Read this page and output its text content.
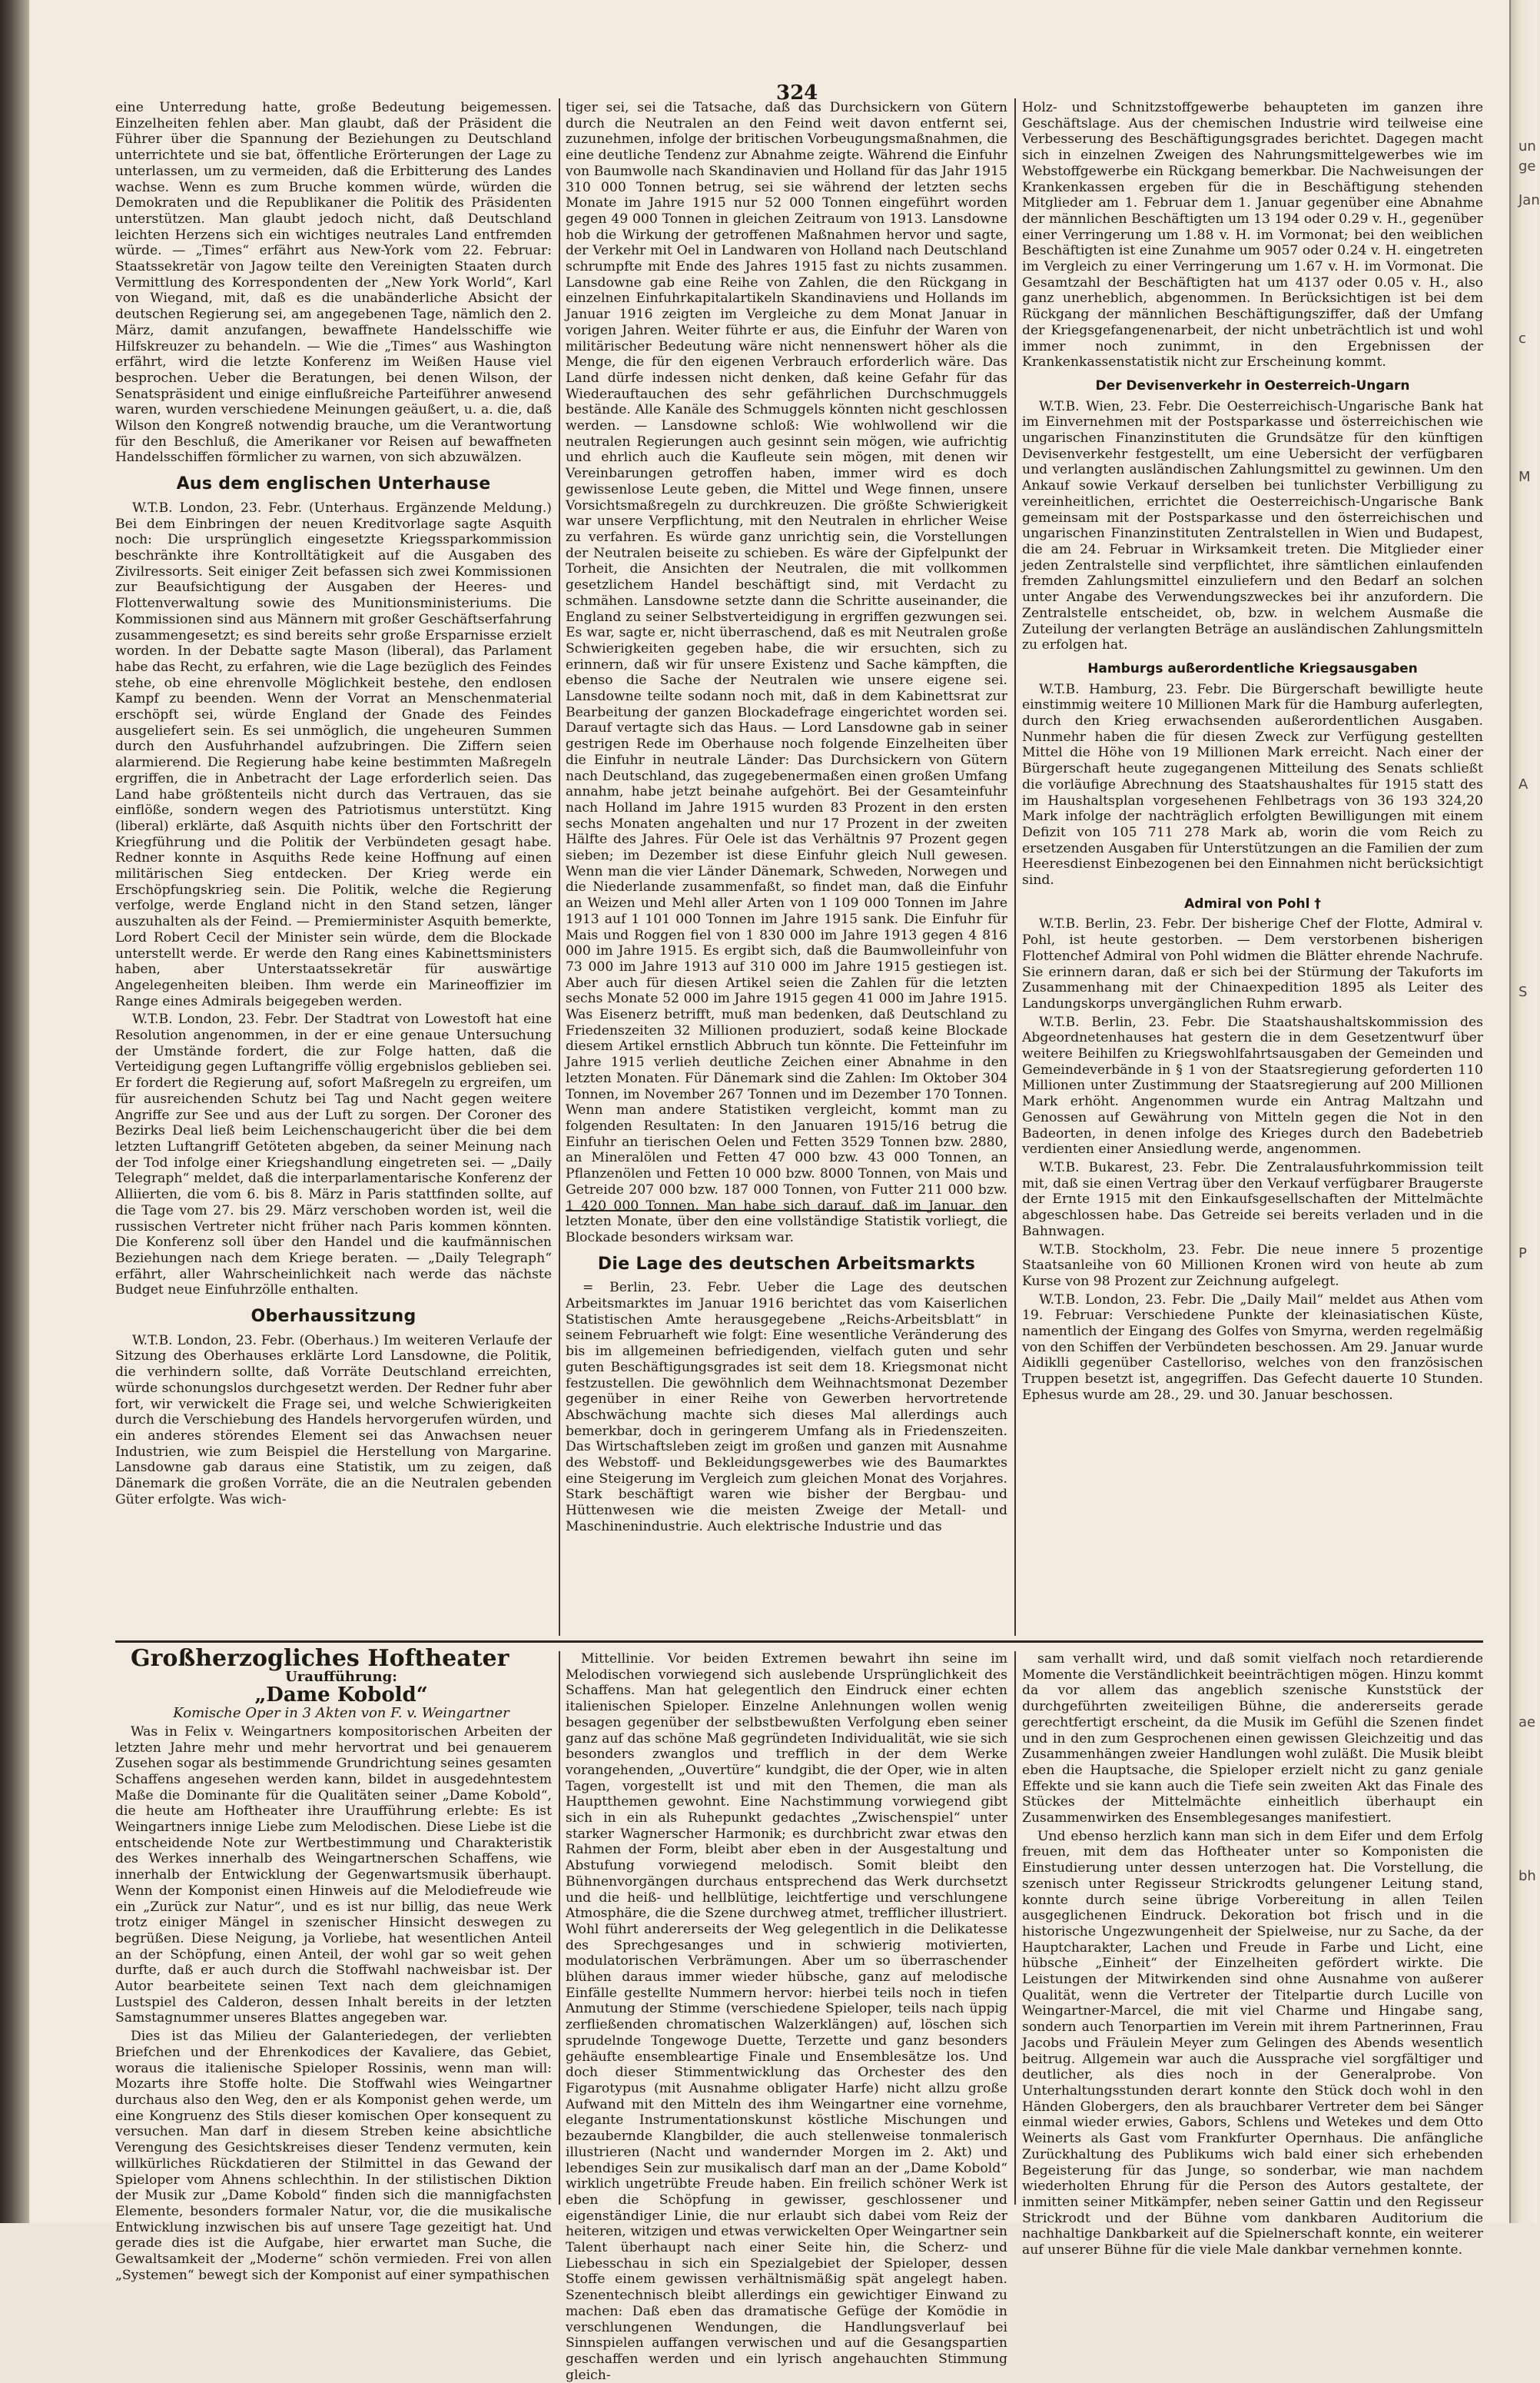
un
ge
Jan
c
M
A
S
P
ae
bh
324

eine Unterredung hatte, große Bedeutung beigemessen. Einzelheiten fehlen aber. Man glaubt, daß der Präsident die Führer über die Spannung der Beziehungen zu Deutschland unterrichtete und sie bat, öffentliche Erörterungen der Lage zu unterlassen, um zu vermeiden, daß die Erbitterung des Landes wachse. Wenn es zum Bruche kommen würde, würden die Demokraten und die Republikaner die Politik des Präsidenten unterstützen. Man glaubt jedoch nicht, daß Deutschland leichten Herzens sich ein wichtiges neutrales Land entfremden würde. — „Times“ erfährt aus New-York vom 22. Februar: Staatssekretär von Jagow teilte den Vereinigten Staaten durch Vermittlung des Korrespondenten der „New York World“, Karl von Wiegand, mit, daß es die unabänderliche Absicht der deutschen Regierung sei, am angegebenen Tage, nämlich den 2. März, damit anzufangen, bewaffnete Handelsschiffe wie Hilfskreuzer zu behandeln. — Wie die „Times“ aus Washington erfährt, wird die letzte Konferenz im Weißen Hause viel besprochen. Ueber die Beratungen, bei denen Wilson, der Senatspräsident und einige einflußreiche Parteiführer anwesend waren, wurden verschiedene Meinungen geäußert, u. a. die, daß Wilson den Kongreß notwendig brauche, um die Verantwortung für den Beschluß, die Amerikaner vor Reisen auf bewaffneten Handelsschiffen förmlicher zu warnen, von sich abzuwälzen.

Aus dem englischen Unterhause

W.T.B. London, 23. Febr. (Unterhaus. Ergänzende Meldung.) Bei dem Einbringen der neuen Kreditvorlage sagte Asquith noch: Die ursprünglich eingesetzte Kriegssparkommission beschränkte ihre Kontrolltätigkeit auf die Ausgaben des Zivilressorts. Seit einiger Zeit befassen sich zwei Kommissionen zur Beaufsichtigung der Ausgaben der Heeres- und Flottenverwaltung sowie des Munitionsministeriums. Die Kommissionen sind aus Männern mit großer Geschäftserfahrung zusammengesetzt; es sind bereits sehr große Ersparnisse erzielt worden. In der Debatte sagte Mason (liberal), das Parlament habe das Recht, zu erfahren, wie die Lage bezüglich des Feindes stehe, ob eine ehrenvolle Möglichkeit bestehe, den endlosen Kampf zu beenden. Wenn der Vorrat an Menschenmaterial erschöpft sei, würde England der Gnade des Feindes ausgeliefert sein. Es sei unmöglich, die ungeheuren Summen durch den Ausfuhrhandel aufzubringen. Die Ziffern seien alarmierend. Die Regierung habe keine bestimmten Maßregeln ergriffen, die in Anbetracht der Lage erforderlich seien. Das Land habe größtenteils nicht durch das Vertrauen, das sie einflöße, sondern wegen des Patriotismus unterstützt. King (liberal) erklärte, daß Asquith nichts über den Fortschritt der Kriegführung und die Politik der Verbündeten gesagt habe. Redner konnte in Asquiths Rede keine Hoffnung auf einen militärischen Sieg entdecken. Der Krieg werde ein Erschöpfungskrieg sein. Die Politik, welche die Regierung verfolge, werde England nicht in den Stand setzen, länger auszuhalten als der Feind. — Premierminister Asquith bemerkte, Lord Robert Cecil der Minister sein würde, dem die Blockade unterstellt werde. Er werde den Rang eines Kabinettsministers haben, aber Unterstaatssekretär für auswärtige Angelegenheiten bleiben. Ihm werde ein Marineoffizier im Range eines Admirals beigegeben werden.

W.T.B. London, 23. Febr. Der Stadtrat von Lowestoft hat eine Resolution angenommen, in der er eine genaue Untersuchung der Umstände fordert, die zur Folge hatten, daß die Verteidigung gegen Luftangriffe völlig ergebnislos geblieben sei. Er fordert die Regierung auf, sofort Maßregeln zu ergreifen, um für ausreichenden Schutz bei Tag und Nacht gegen weitere Angriffe zur See und aus der Luft zu sorgen. Der Coroner des Bezirks Deal ließ beim Leichenschaugericht über die bei dem letzten Luftangriff Getöteten abgeben, da seiner Meinung nach der Tod infolge einer Kriegshandlung eingetreten sei. — „Daily Telegraph“ meldet, daß die interparlamentarische Konferenz der Alliierten, die vom 6. bis 8. März in Paris stattfinden sollte, auf die Tage vom 27. bis 29. März verschoben worden ist, weil die russischen Vertreter nicht früher nach Paris kommen könnten. Die Konferenz soll über den Handel und die kaufmännischen Beziehungen nach dem Kriege beraten. — „Daily Telegraph“ erfährt, aller Wahrscheinlichkeit nach werde das nächste Budget neue Einfuhrzölle enthalten.

Oberhaussitzung

W.T.B. London, 23. Febr. (Oberhaus.) Im weiteren Verlaufe der Sitzung des Oberhauses erklärte Lord Lansdowne, die Politik, die verhindern sollte, daß Vorräte Deutschland erreichten, würde schonungslos durchgesetzt werden. Der Redner fuhr aber fort, wir verwickelt die Frage sei, und welche Schwierigkeiten durch die Verschiebung des Handels hervorgerufen würden, und ein anderes störendes Element sei das Anwachsen neuer Industrien, wie zum Beispiel die Herstellung von Margarine. Lansdowne gab daraus eine Statistik, um zu zeigen, daß Dänemark die großen Vorräte, die an die Neutralen gebenden Güter erfolgte. Was wich-

tiger sei, sei die Tatsache, daß das Durchsickern von Gütern durch die Neutralen an den Feind weit davon entfernt sei, zuzunehmen, infolge der britischen Vorbeugungsmaßnahmen, die eine deutliche Tendenz zur Abnahme zeigte. Während die Einfuhr von Baumwolle nach Skandinavien und Holland für das Jahr 1915 310 000 Tonnen betrug, sei sie während der letzten sechs Monate im Jahre 1915 nur 52 000 Tonnen eingeführt worden gegen 49 000 Tonnen in gleichen Zeitraum von 1913. Lansdowne hob die Wirkung der getroffenen Maßnahmen hervor und sagte, der Verkehr mit Oel in Landwaren von Holland nach Deutschland schrumpfte mit Ende des Jahres 1915 fast zu nichts zusammen. Lansdowne gab eine Reihe von Zahlen, die den Rückgang in einzelnen Einfuhrkapitalartikeln Skandinaviens und Hollands im Januar 1916 zeigten im Vergleiche zu dem Monat Januar in vorigen Jahren. Weiter führte er aus, die Einfuhr der Waren von militärischer Bedeutung wäre nicht nennenswert höher als die Menge, die für den eigenen Verbrauch erforderlich wäre. Das Land dürfe indessen nicht denken, daß keine Gefahr für das Wiederauftauchen des sehr gefährlichen Durchschmuggels bestände. Alle Kanäle des Schmuggels könnten nicht geschlossen werden. — Lansdowne schloß: Wie wohlwollend wir die neutralen Regierungen auch gesinnt sein mögen, wie aufrichtig und ehrlich auch die Kaufleute sein mögen, mit denen wir Vereinbarungen getroffen haben, immer wird es doch gewissenlose Leute geben, die Mittel und Wege finnen, unsere Vorsichtsmaßregeln zu durchkreuzen. Die größte Schwierigkeit war unsere Verpflichtung, mit den Neutralen in ehrlicher Weise zu verfahren. Es würde ganz unrichtig sein, die Vorstellungen der Neutralen beiseite zu schieben. Es wäre der Gipfelpunkt der Torheit, die Ansichten der Neutralen, die mit vollkommen gesetzlichem Handel beschäftigt sind, mit Verdacht zu schmähen. Lansdowne setzte dann die Schritte auseinander, die England zu seiner Selbstverteidigung in ergriffen gezwungen sei. Es war, sagte er, nicht überraschend, daß es mit Neutralen große Schwierigkeiten gegeben habe, die wir ersuchten, sich zu erinnern, daß wir für unsere Existenz und Sache kämpften, die ebenso die Sache der Neutralen wie unsere eigene sei. Lansdowne teilte sodann noch mit, daß in dem Kabinettsrat zur Bearbeitung der ganzen Blockadefrage eingerichtet worden sei. Darauf vertagte sich das Haus. — Lord Lansdowne gab in seiner gestrigen Rede im Oberhause noch folgende Einzelheiten über die Einfuhr in neutrale Länder: Das Durchsickern von Gütern nach Deutschland, das zugegebenermaßen einen großen Umfang annahm, habe jetzt beinahe aufgehört. Bei der Gesamteinfuhr nach Holland im Jahre 1915 wurden 83 Prozent in den ersten sechs Monaten angehalten und nur 17 Prozent in der zweiten Hälfte des Jahres. Für Oele ist das Verhältnis 97 Prozent gegen sieben; im Dezember ist diese Einfuhr gleich Null gewesen. Wenn man die vier Länder Dänemark, Schweden, Norwegen und die Niederlande zusammenfaßt, so findet man, daß die Einfuhr an Weizen und Mehl aller Arten von 1 109 000 Tonnen im Jahre 1913 auf 1 101 000 Tonnen im Jahre 1915 sank. Die Einfuhr für Mais und Roggen fiel von 1 830 000 im Jahre 1913 gegen 4 816 000 im Jahre 1915. Es ergibt sich, daß die Baumwolleinfuhr von 73 000 im Jahre 1913 auf 310 000 im Jahre 1915 gestiegen ist. Aber auch für diesen Artikel seien die Zahlen für die letzten sechs Monate 52 000 im Jahre 1915 gegen 41 000 im Jahre 1915. Was Eisenerz betrifft, muß man bedenken, daß Deutschland zu Friedenszeiten 32 Millionen produziert, sodaß keine Blockade diesem Artikel ernstlich Abbruch tun könnte. Die Fetteinfuhr im Jahre 1915 verlieh deutliche Zeichen einer Abnahme in den letzten Monaten. Für Dänemark sind die Zahlen: Im Oktober 304 Tonnen, im November 267 Tonnen und im Dezember 170 Tonnen. Wenn man andere Statistiken vergleicht, kommt man zu folgenden Resultaten: In den Januaren 1915/16 betrug die Einfuhr an tierischen Oelen und Fetten 3529 Tonnen bzw. 2880, an Mineralölen und Fetten 47 000 bzw. 43 000 Tonnen, an Pflanzenölen und Fetten 10 000 bzw. 8000 Tonnen, von Mais und Getreide 207 000 bzw. 187 000 Tonnen, von Futter 211 000 bzw. 1 420 000 Tonnen. Man habe sich darauf, daß im Januar, den letzten Monate, über den eine vollständige Statistik vorliegt, die Blockade besonders wirksam war.

Die Lage des deutschen Arbeitsmarkts

= Berlin, 23. Febr. Ueber die Lage des deutschen Arbeitsmarktes im Januar 1916 berichtet das vom Kaiserlichen Statistischen Amte herausgegebene „Reichs-Arbeitsblatt“ in seinem Februarheft wie folgt: Eine wesentliche Veränderung des bis im allgemeinen befriedigenden, vielfach guten und sehr guten Beschäftigungsgrades ist seit dem 18. Kriegsmonat nicht festzustellen. Die gewöhnlich dem Weihnachtsmonat Dezember gegenüber in einer Reihe von Gewerben hervortretende Abschwächung machte sich dieses Mal allerdings auch bemerkbar, doch in geringerem Umfang als in Friedenszeiten. Das Wirtschaftsleben zeigt im großen und ganzen mit Ausnahme des Webstoff- und Bekleidungsgewerbes wie des Baumarktes eine Steigerung im Vergleich zum gleichen Monat des Vorjahres. Stark beschäftigt waren wie bisher der Bergbau- und Hüttenwesen wie die meisten Zweige der Metall- und Maschinenindustrie. Auch elektrische Industrie und das

Holz- und Schnitzstoffgewerbe behaupteten im ganzen ihre Geschäftslage. Aus der chemischen Industrie wird teilweise eine Verbesserung des Beschäftigungsgrades berichtet. Dagegen macht sich in einzelnen Zweigen des Nahrungsmittelgewerbes wie im Webstoffgewerbe ein Rückgang bemerkbar. Die Nachweisungen der Krankenkassen ergeben für die in Beschäftigung stehenden Mitglieder am 1. Februar dem 1. Januar gegenüber eine Abnahme der männlichen Beschäftigten um 13 194 oder 0.29 v. H., gegenüber einer Verringerung um 1.88 v. H. im Vormonat; bei den weiblichen Beschäftigten ist eine Zunahme um 9057 oder 0.24 v. H. eingetreten im Vergleich zu einer Verringerung um 1.67 v. H. im Vormonat. Die Gesamtzahl der Beschäftigten hat um 4137 oder 0.05 v. H., also ganz unerheblich, abgenommen. In Berücksichtigen ist bei dem Rückgang der männlichen Beschäftigungsziffer, daß der Umfang der Kriegsgefangenenarbeit, der nicht unbeträchtlich ist und wohl immer noch zunimmt, in den Ergebnissen der Krankenkassenstatistik nicht zur Erscheinung kommt.

Der Devisenverkehr in Oesterreich-Ungarn

W.T.B. Wien, 23. Febr. Die Oesterreichisch-Ungarische Bank hat im Einvernehmen mit der Postsparkasse und österreichischen wie ungarischen Finanzinstituten die Grundsätze für den künftigen Devisenverkehr festgestellt, um eine Uebersicht der verfügbaren und verlangten ausländischen Zahlungsmittel zu gewinnen. Um den Ankauf sowie Verkauf derselben bei tunlichster Verbilligung zu vereinheitlichen, errichtet die Oesterreichisch-Ungarische Bank gemeinsam mit der Postsparkasse und den österreichischen und ungarischen Finanzinstituten Zentralstellen in Wien und Budapest, die am 24. Februar in Wirksamkeit treten. Die Mitglieder einer jeden Zentralstelle sind verpflichtet, ihre sämtlichen einlaufenden fremden Zahlungsmittel einzuliefern und den Bedarf an solchen unter Angabe des Verwendungszweckes bei ihr anzufordern. Die Zentralstelle entscheidet, ob, bzw. in welchem Ausmaße die Zuteilung der verlangten Beträge an ausländischen Zahlungsmitteln zu erfolgen hat.

Hamburgs außerordentliche Kriegsausgaben

W.T.B. Hamburg, 23. Febr. Die Bürgerschaft bewilligte heute einstimmig weitere 10 Millionen Mark für die Hamburg auferlegten, durch den Krieg erwachsenden außerordentlichen Ausgaben. Nunmehr haben die für diesen Zweck zur Verfügung gestellten Mittel die Höhe von 19 Millionen Mark erreicht. Nach einer der Bürgerschaft heute zugegangenen Mitteilung des Senats schließt die vorläufige Abrechnung des Staatshaushaltes für 1915 statt des im Haushaltsplan vorgesehenen Fehlbetrags von 36 193 324,20 Mark infolge der nachträglich erfolgten Bewilligungen mit einem Defizit von 105 711 278 Mark ab, worin die vom Reich zu ersetzenden Ausgaben für Unterstützungen an die Familien der zum Heeresdienst Einbezogenen bei den Einnahmen nicht berücksichtigt sind.

Admiral von Pohl †

W.T.B. Berlin, 23. Febr. Der bisherige Chef der Flotte, Admiral v. Pohl, ist heute gestorben. — Dem verstorbenen bisherigen Flottenchef Admiral von Pohl widmen die Blätter ehrende Nachrufe. Sie erinnern daran, daß er sich bei der Stürmung der Takuforts im Zusammenhang mit der Chinaexpedition 1895 als Leiter des Landungskorps unvergänglichen Ruhm erwarb.

W.T.B. Berlin, 23. Febr. Die Staatshaushaltskommission des Abgeordnetenhauses hat gestern die in dem Gesetzentwurf über weitere Beihilfen zu Kriegswohlfahrtsausgaben der Gemeinden und Gemeindeverbände in § 1 von der Staatsregierung geforderten 110 Millionen unter Zustimmung der Staatsregierung auf 200 Millionen Mark erhöht. Angenommen wurde ein Antrag Maltzahn und Genossen auf Gewährung von Mitteln gegen die Not in den Badeorten, in denen infolge des Krieges durch den Badebetrieb verdienten einer Ansiedlung werde, angenommen.

W.T.B. Bukarest, 23. Febr. Die Zentralausfuhrkommission teilt mit, daß sie einen Vertrag über den Verkauf verfügbarer Braugerste der Ernte 1915 mit den Einkaufsgesellschaften der Mittelmächte abgeschlossen habe. Das Getreide sei bereits verladen und in die Bahnwagen.

W.T.B. Stockholm, 23. Febr. Die neue innere 5 prozentige Staatsanleihe von 60 Millionen Kronen wird von heute ab zum Kurse von 98 Prozent zur Zeichnung aufgelegt.

W.T.B. London, 23. Febr. Die „Daily Mail“ meldet aus Athen vom 19. Februar: Verschiedene Punkte der kleinasiatischen Küste, namentlich der Eingang des Golfes von Smyrna, werden regelmäßig von den Schiffen der Verbündeten beschossen. Am 29. Januar wurde Aidiklli gegenüber Castelloriso, welches von den französischen Truppen besetzt ist, angegriffen. Das Gefecht dauerte 10 Stunden. Ephesus wurde am 28., 29. und 30. Januar beschossen.

Großherzogliches Hoftheater

Uraufführung:

„Dame Kobold“

Komische Oper in 3 Akten von F. v. Weingartner

Was in Felix v. Weingartners kompositorischen Arbeiten der letzten Jahre mehr und mehr hervortrat und bei genauerem Zusehen sogar als bestimmende Grundrichtung seines gesamten Schaffens angesehen werden kann, bildet in ausgedehntestem Maße die Dominante für die Qualitäten seiner „Dame Kobold“, die heute am Hoftheater ihre Uraufführung erlebte: Es ist Weingartners innige Liebe zum Melodischen. Diese Liebe ist die entscheidende Note zur Wertbestimmung und Charakteristik des Werkes innerhalb des Weingartnerschen Schaffens, wie innerhalb der Entwicklung der Gegenwartsmusik überhaupt. Wenn der Komponist einen Hinweis auf die Melodiefreude wie ein „Zurück zur Natur“, und es ist nur billig, das neue Werk trotz einiger Mängel in szenischer Hinsicht deswegen zu begrüßen. Diese Neigung, ja Vorliebe, hat wesentlichen Anteil an der Schöpfung, einen Anteil, der wohl gar so weit gehen durfte, daß er auch durch die Stoffwahl nachweisbar ist. Der Autor bearbeitete seinen Text nach dem gleichnamigen Lustspiel des Calderon, dessen Inhalt bereits in der letzten Samstagnummer unseres Blattes angegeben war.

Dies ist das Milieu der Galanteriedegen, der verliebten Briefchen und der Ehrenkodices der Kavaliere, das Gebiet, woraus die italienische Spieloper Rossinis, wenn man will: Mozarts ihre Stoffe holte. Die Stoffwahl wies Weingartner durchaus also den Weg, den er als Komponist gehen werde, um eine Kongruenz des Stils dieser komischen Oper konsequent zu versuchen. Man darf in diesem Streben keine absichtliche Verengung des Gesichtskreises dieser Tendenz vermuten, kein willkürliches Rückdatieren der Stilmittel in das Gewand der Spieloper vom Ahnens schlechthin. In der stilistischen Diktion der Musik zur „Dame Kobold“ finden sich die mannigfachsten Elemente, besonders formaler Natur, vor, die die musikalische Entwicklung inzwischen bis auf unsere Tage gezeitigt hat. Und gerade dies ist die Aufgabe, hier erwartet man Suche, die Gewaltsamkeit der „Moderne“ schön vermieden. Frei von allen „Systemen“ bewegt sich der Komponist auf einer sympathischen

Mittellinie. Vor beiden Extremen bewahrt ihn seine im Melodischen vorwiegend sich auslebende Ursprünglichkeit des Schaffens. Man hat gelegentlich den Eindruck einer echten italienischen Spieloper. Einzelne Anlehnungen wollen wenig besagen gegenüber der selbstbewußten Verfolgung eben seiner ganz auf das schöne Maß gegründeten Individualität, wie sie sich besonders zwanglos und trefflich in der dem Werke vorangehenden, „Ouvertüre“ kundgibt, die der Oper, wie in alten Tagen, vorgestellt ist und mit den Themen, die man als Hauptthemen gewohnt. Eine Nachstimmung vorwiegend gibt sich in ein als Ruhepunkt gedachtes „Zwischenspiel“ unter starker Wagnerscher Harmonik; es durchbricht zwar etwas den Rahmen der Form, bleibt aber eben in der Ausgestaltung und Abstufung vorwiegend melodisch. Somit bleibt den Bühnenvorgängen durchaus entsprechend das Werk durchsetzt und die heiß- und hellblütige, leichtfertige und verschlungene Atmosphäre, die die Szene durchweg atmet, trefflicher illustriert. Wohl führt andererseits der Weg gelegentlich in die Delikatesse des Sprechgesanges und in schwierig motivierten, modulatorischen Verbrämungen. Aber um so überraschender blühen daraus immer wieder hübsche, ganz auf melodische Einfälle gestellte Nummern hervor: hierbei teils noch in tiefen Anmutung der Stimme (verschiedene Spieloper, teils nach üppig zerfließenden chromatischen Walzerklängen) auf, löschen sich sprudelnde Tongewoge Duette, Terzette und ganz besonders gehäufte ensembleartige Finale und Ensemblesätze los. Und doch dieser Stimmentwicklung das Orchester des den Figarotypus (mit Ausnahme obligater Harfe) nicht allzu große Aufwand mit den Mitteln des ihm Weingartner eine vornehme, elegante Instrumentationskunst köstliche Mischungen und bezaubernde Klangbilder, die auch stellenweise tonmalerisch illustrieren (Nacht und wandernder Morgen im 2. Akt) und lebendiges Sein zur musikalisch darf man an der „Dame Kobold“ wirklich ungetrübte Freude haben. Ein freilich schöner Werk ist eben die Schöpfung in gewisser, geschlossener und eigenständiger Linie, die nur erlaubt sich dabei vom Reiz der heiteren, witzigen und etwas verwickelten Oper Weingartner sein Talent überhaupt nach einer Seite hin, die Scherz- und Liebesschau in sich ein Spezialgebiet der Spieloper, dessen Stoffe einem gewissen verhältnismäßig spät angelegt haben. Szenentechnisch bleibt allerdings ein gewichtiger Einwand zu machen: Daß eben das dramatische Gefüge der Komödie in verschlungenen Wendungen, die Handlungsverlauf bei Sinnspielen auffangen verwischen und auf die Gesangspartien geschaffen werden und ein lyrisch angehauchten Stimmung gleich-

sam verhallt wird, und daß somit vielfach noch retardierende Momente die Verständlichkeit beeinträchtigen mögen. Hinzu kommt da vor allem das angeblich szenische Kunststück der durchgeführten zweiteiligen Bühne, die andererseits gerade gerechtfertigt erscheint, da die Musik im Gefühl die Szenen findet und in den zum Gesprochenen einen gewissen Gleichzeitig und das Zusammenhängen zweier Handlungen wohl zuläßt. Die Musik bleibt eben die Hauptsache, die Spieloper erzielt nicht zu ganz geniale Effekte und sie kann auch die Tiefe sein zweiten Akt das Finale des Stückes der Mittelmächte einheitlich überhaupt ein Zusammenwirken des Ensemblegesanges manifestiert.

Und ebenso herzlich kann man sich in dem Eifer und dem Erfolg freuen, mit dem das Hoftheater unter so Komponisten die Einstudierung unter dessen unterzogen hat. Die Vorstellung, die szenisch unter Regisseur Strickrodts gelungener Leitung stand, konnte durch seine übrige Vorbereitung in allen Teilen ausgeglichenen Eindruck. Dekoration bot frisch und in die historische Ungezwungenheit der Spielweise, nur zu Sache, da der Hauptcharakter, Lachen und Freude in Farbe und Licht, eine hübsche „Einheit“ der Einzelheiten gefördert wirkte. Die Leistungen der Mitwirkenden sind ohne Ausnahme von außerer Qualität, wenn die Vertreter der Titelpartie durch Lucille von Weingartner-Marcel, die mit viel Charme und Hingabe sang, sondern auch Tenorpartien im Verein mit ihrem Partnerinnen, Frau Jacobs und Fräulein Meyer zum Gelingen des Abends wesentlich beitrug. Allgemein war auch die Aussprache viel sorgfältiger und deutlicher, als dies noch in der Generalprobe. Von Unterhaltungsstunden derart konnte den Stück doch wohl in den Händen Globergers, den als brauchbarer Vertreter dem bei Sänger einmal wieder erwies, Gabors, Schlens und Wetekes und dem Otto Weinerts als Gast vom Frankfurter Opernhaus. Die anfängliche Zurückhaltung des Publikums wich bald einer sich erhebenden Begeisterung für das Junge, so sonderbar, wie man nachdem wiederholten Ehrung für die Person des Autors gestaltete, der inmitten seiner Mitkämpfer, neben seiner Gattin und den Regisseur Strickrodt und der Bühne vom dankbaren Auditorium die nachhaltige Dankbarkeit auf die Spielnerschaft konnte, ein weiterer auf unserer Bühne für die viele Male dankbar vernehmen konnte.
